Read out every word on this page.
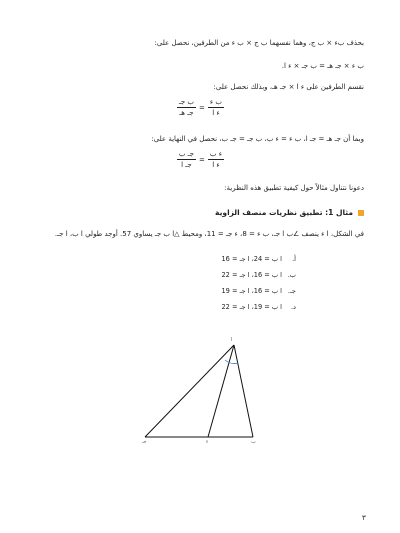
بحذف بء × ب ج، وهما نفسهما ب ج × ب ء من الطرفين، نحصل على:
ب ء × جـ هـ = ب جـ × ء ا.
نقسم الطرفين على ء ا × جـ هـ، وبذلك نحصل على:
$\frac{\text{ب ء}}{\text{ء ا}}$
=
$\frac{\text{ب جـ}}{\text{جـ هـ}}$
وبما أن جـ هـ = جـ ا، ب ء = ء ب، ب جـ = جـ ب، نحصل في النهاية على:
$\frac{\text{ء ب}}{\text{ء ا}}$
=
$\frac{\text{جـ ب}}{\text{جـ ا}}$
دعونا نتناول مثالاً حول كيفية تطبيق هذه النظرية:
مثال 1: تطبيق نظريات منصف الزاوية
في الشكل، ا ء ينصف ∠ب ا جـ، ب ء = 8، ء جـ = 11، ومحيط △ا ب جـ يساوي 57. أوجد طولي ا ب، ا جـ.
أ.
ا ب = 24، ا جـ = 16
ب.
ا ب = 16، ا جـ = 22
جـ.
ا ب = 16، ا جـ = 19
د.
ا ب = 19، ا جـ = 22
ا
جـ	ء	ب
٣
